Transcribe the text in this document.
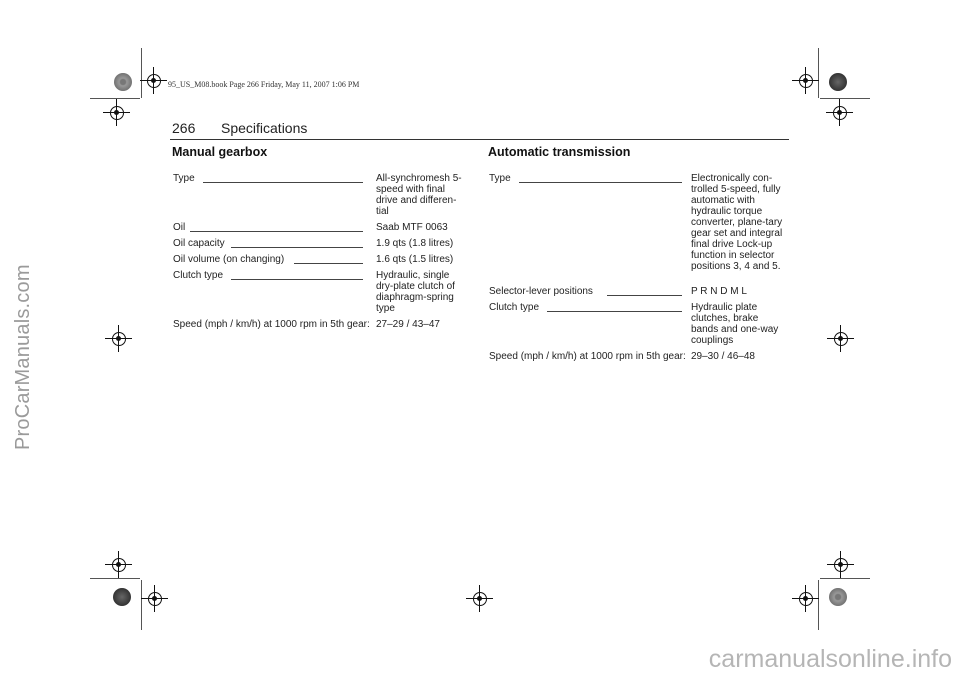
ProCarManuals.com
95_US_M08.book Page 266 Friday, May 11, 2007 1:06 PM
266 Specifications
Manual gearbox
Type	All-synchromesh 5-speed with final drive and differen-tial
Oil	Saab MTF 0063
Oil capacity	1.9 qts (1.8 litres)
Oil volume (on changing)	1.6 qts (1.5 litres)
Clutch type	Hydraulic, single dry-plate clutch of diaphragm-spring type
Speed (mph / km/h) at 1000 rpm in 5th gear: 27–29 / 43–47
Automatic transmission
Type	Electronically con-trolled 5-speed, fully automatic with hydraulic torque converter, plane-tary gear set and integral final drive Lock-up function in selector positions 3, 4 and 5.
Selector-lever positions	P R N D M L
Clutch type	Hydraulic plate clutches, brake bands and one-way couplings
Speed (mph / km/h) at 1000 rpm in 5th gear: 29–30 / 46–48
carmanualsonline.info
